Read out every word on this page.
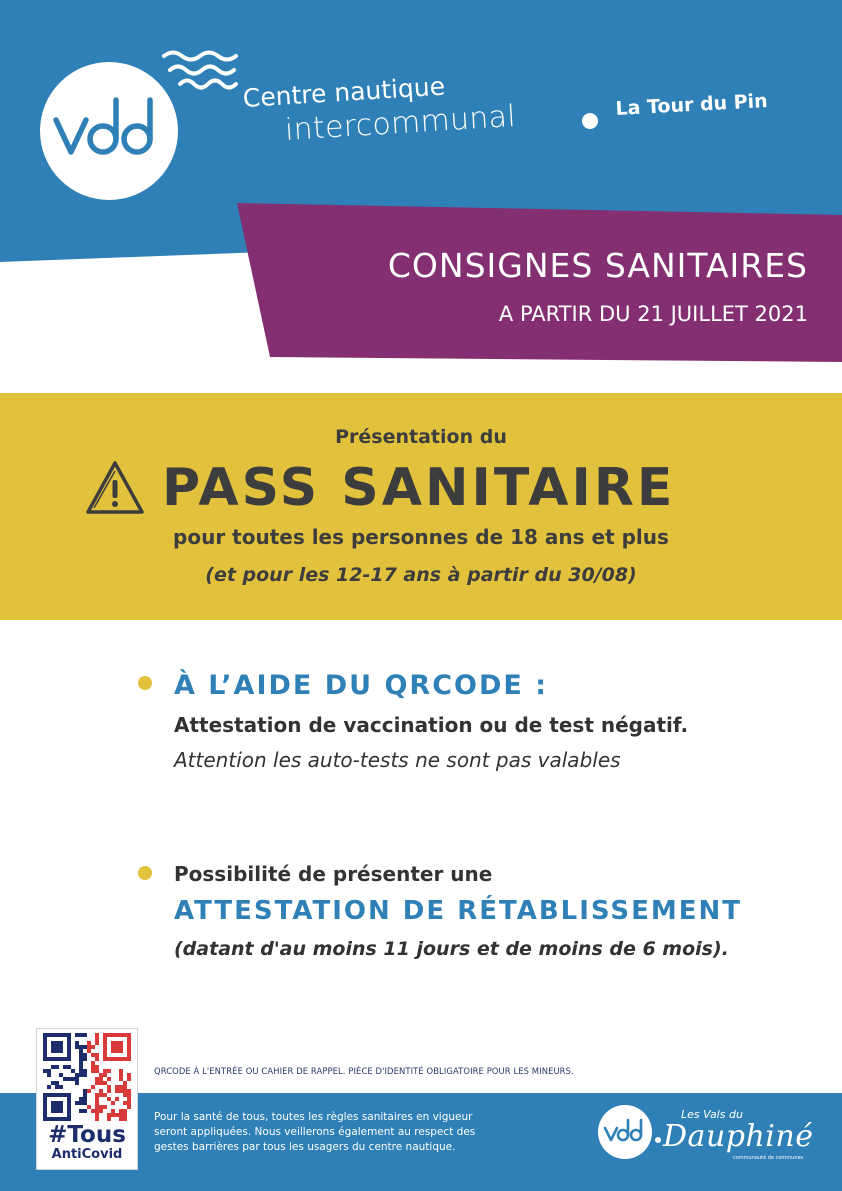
Centre nautique
intercommunal	La Tour du Pin
CONSIGNES SANITAIRES
A PARTIR DU 21 JUILLET 2021
Présentation du
PASS SANITAIRE
pour toutes les personnes de 18 ans et plus
(et pour les 12-17 ans à partir du 30/08)
À L’AIDE DU QRCODE :
Attestation de vaccination ou de test négatif.
Attention les auto-tests ne sont pas valables
Possibilité de présenter une
ATTESTATION DE RÉTABLISSEMENT
(datant d'au moins 11 jours et de moins de 6 mois).
#Tous
AntiCovid
QRCODE À L'ENTRÉE OU CAHIER DE RAPPEL. PIÈCE D'IDENTITÉ OBLIGATOIRE POUR LES MINEURS.
Pour la santé de tous, toutes les règles sanitaires en vigueur seront appliquées. Nous veillerons également au respect des gestes barrières par tous les usagers du centre nautique.
Les Vals du
Dauphiné
communauté de communes
